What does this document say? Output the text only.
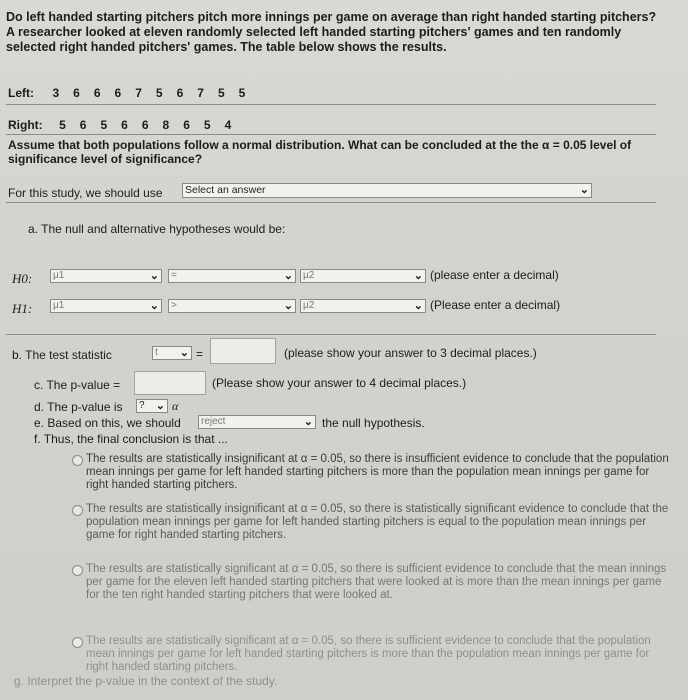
Do left handed starting pitchers pitch more innings per game on average than right handed starting pitchers? A researcher looked at eleven randomly selected left handed starting pitchers' games and ten randomly selected right handed pitchers' games. The table below shows the results.
Left: 3 6 6 6 7 5 6 7 5 5
Right: 5 6 5 6 6 8 6 5 4
Assume that both populations follow a normal distribution. What can be concluded at the the α = 0.05 level of significance level of significance?
For this study, we should use Select an answer	⌄
a. The null and alternative hypotheses would be:
H0:	μ1	⌄	=	⌄	μ2	⌄ (please enter a decimal)
H1:	μ1	⌄	>	⌄	μ2	⌄ (Please enter a decimal)
b. The test statistic	t ⌄ =	(please show your answer to 3 decimal places.)
c. The p-value =	(Please show your answer to 4 decimal places.)
d. The p-value is	? ⌄ α
e. Based on this, we should	reject	⌄ the null hypothesis.
f. Thus, the final conclusion is that ...
The results are statistically insignificant at α = 0.05, so there is insufficient evidence to conclude that the population mean innings per game for left handed starting pitchers is more than the population mean innings per game for right handed starting pitchers.
The results are statistically insignificant at α = 0.05, so there is statistically significant evidence to conclude that the population mean innings per game for left handed starting pitchers is equal to the population mean innings per game for right handed starting pitchers.
The results are statistically significant at α = 0.05, so there is sufficient evidence to conclude that the mean innings per game for the eleven left handed starting pitchers that were looked at is more than the mean innings per game for the ten right handed starting pitchers that were looked at.
The results are statistically significant at α = 0.05, so there is sufficient evidence to conclude that the population mean innings per game for left handed starting pitchers is more than the population mean innings per game for right handed starting pitchers.
g. Interpret the p-value in the context of the study.
